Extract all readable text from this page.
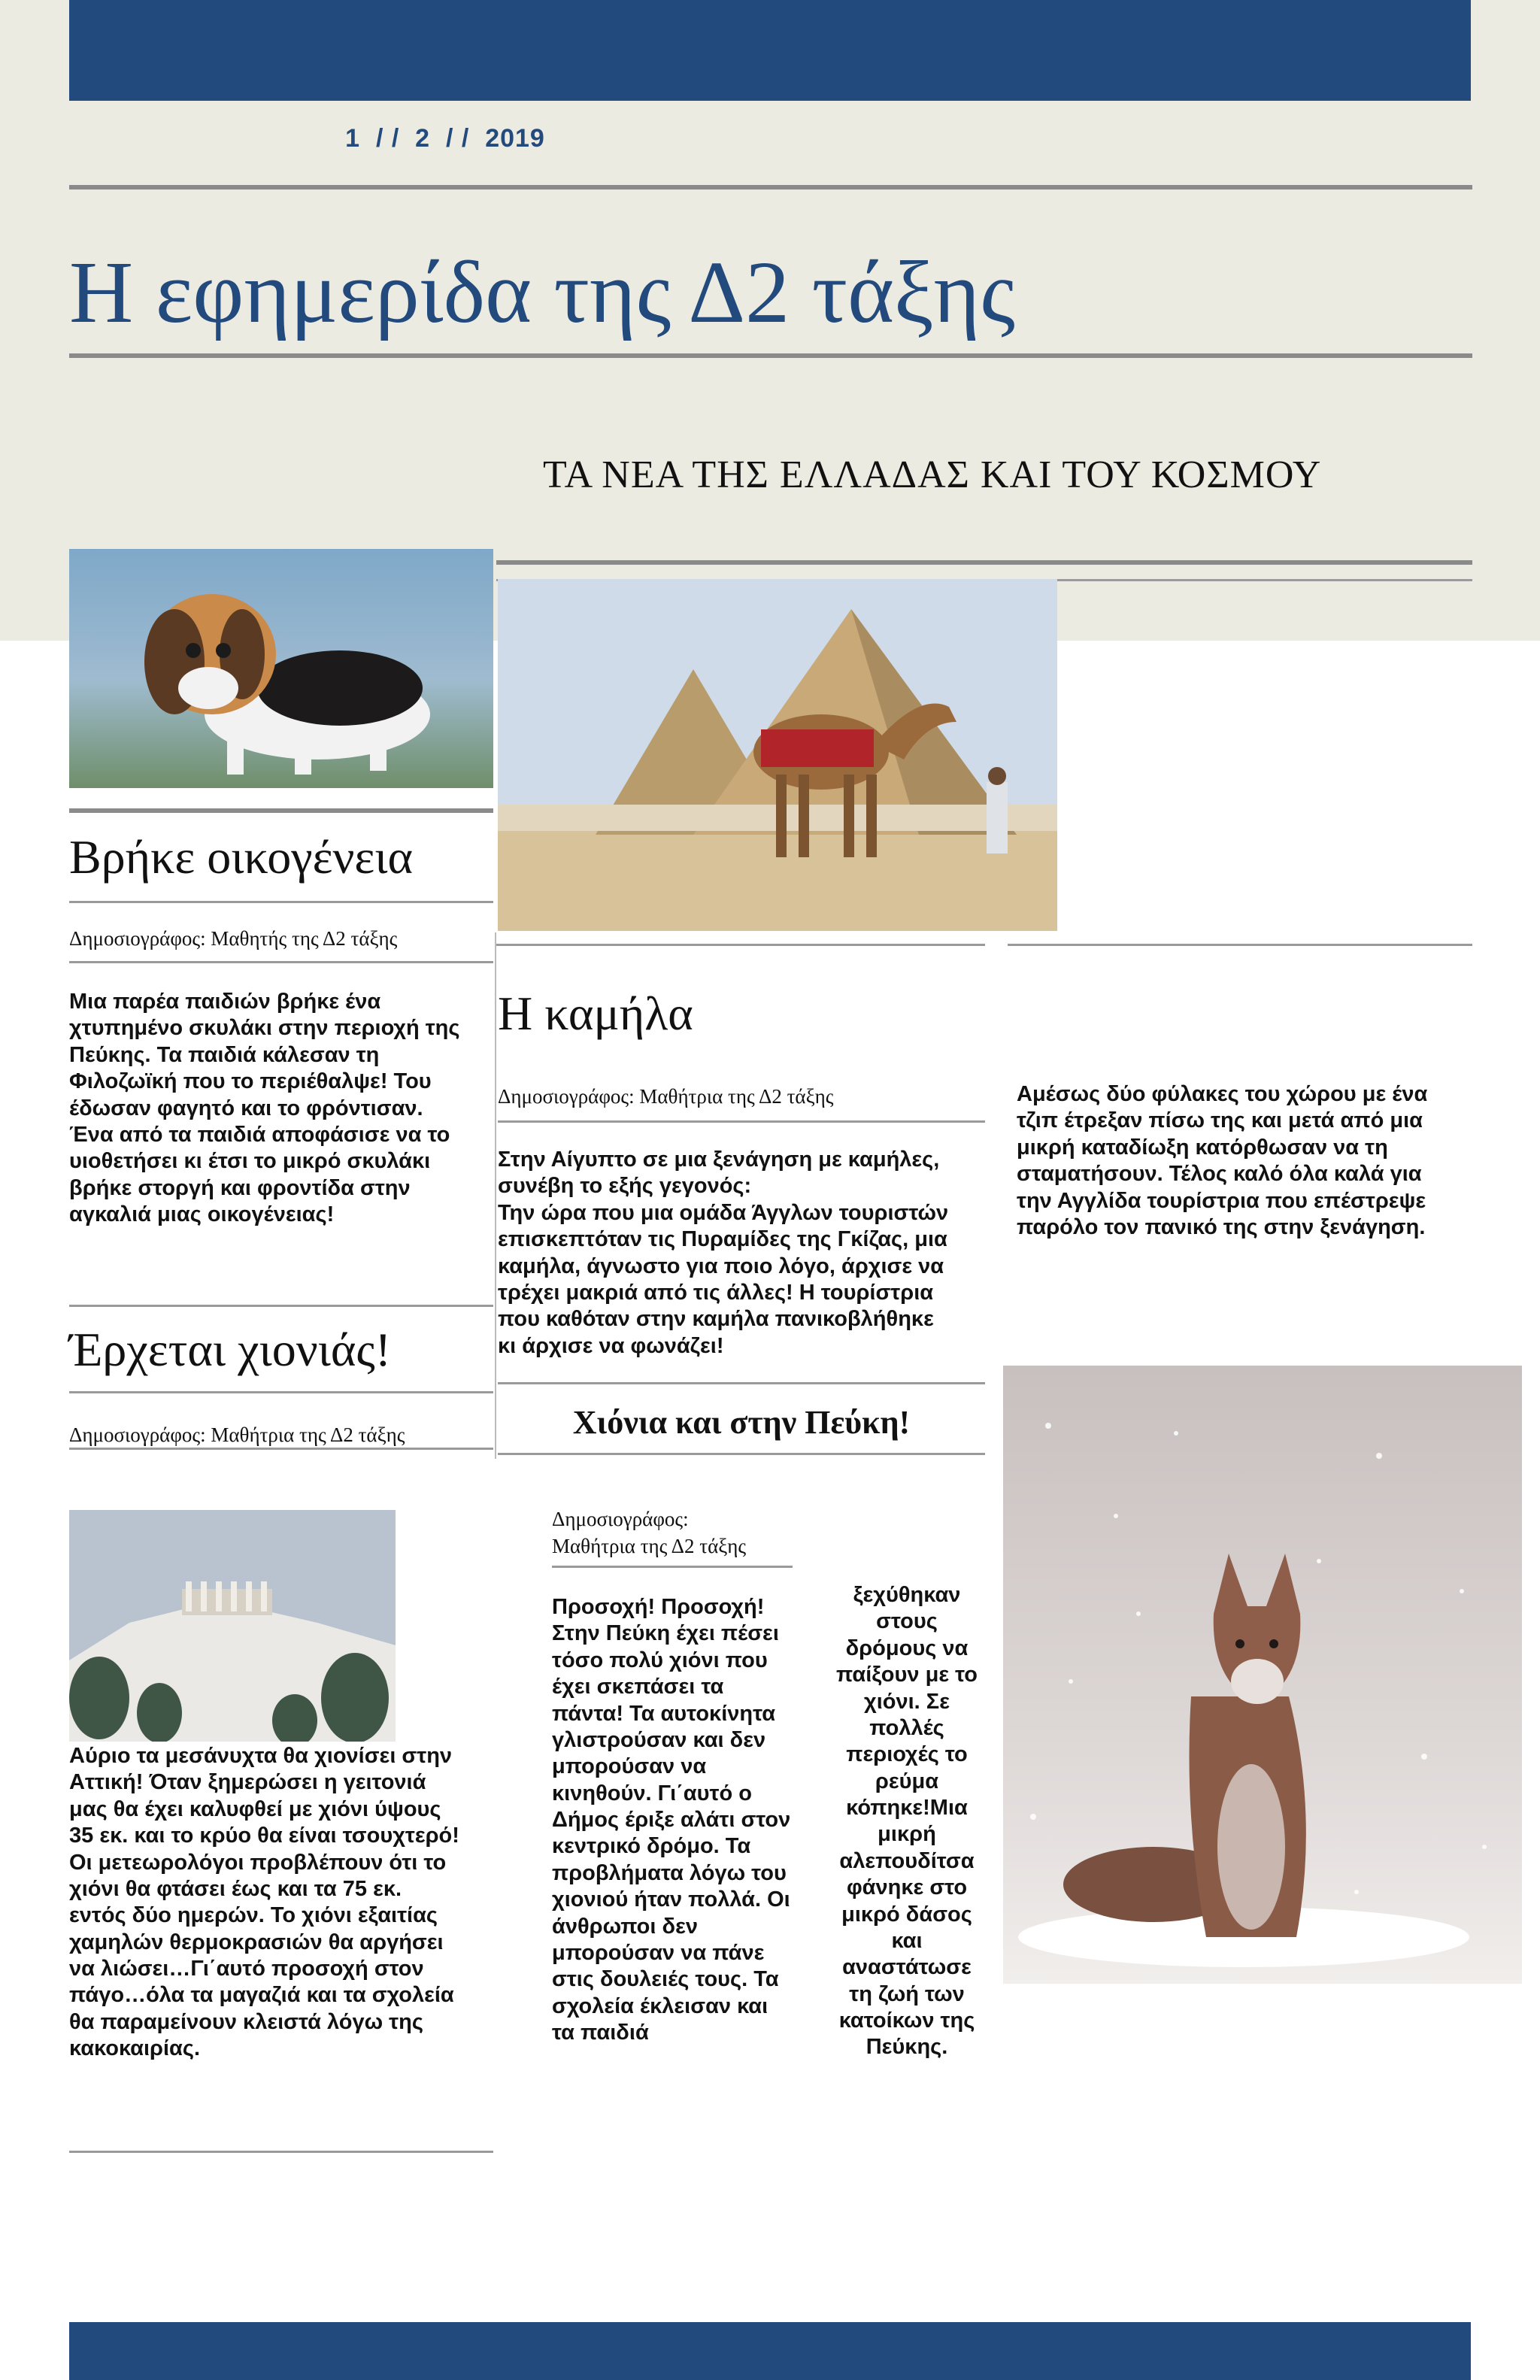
1  / /  2  / /  2019
Η εφημερίδα της Δ2 τάξης
ΤΑ ΝΕΑ ΤΗΣ ΕΛΛΑΔΑΣ ΚΑΙ ΤΟΥ ΚΟΣΜΟΥ
Βρήκε οικογένεια
Δημοσιογράφος: Μαθητής της Δ2 τάξης
Μια παρέα παιδιών βρήκε ένα
χτυπημένο σκυλάκι στην περιοχή της
Πεύκης. Τα παιδιά κάλεσαν τη
Φιλοζωϊκή που το περιέθαλψε! Του
έδωσαν φαγητό και το φρόντισαν.
Ένα από τα παιδιά αποφάσισε να το
υιοθετήσει κι έτσι το μικρό σκυλάκι
βρήκε στοργή και φροντίδα στην
αγκαλιά μιας οικογένειας!
Η καμήλα
Δημοσιογράφος: Μαθήτρια της Δ2 τάξης
Στην Αίγυπτο σε μια ξενάγηση με καμήλες,
συνέβη το εξής γεγονός:
Την ώρα που μια ομάδα Άγγλων τουριστών
επισκεπτόταν τις Πυραμίδες της Γκίζας, μια
καμήλα, άγνωστο για ποιο λόγο, άρχισε να
τρέχει μακριά από τις άλλες! Η τουρίστρια
που καθόταν στην καμήλα πανικοβλήθηκε
κι άρχισε να φωνάζει!
Αμέσως δύο φύλακες του χώρου με ένα
τζιπ έτρεξαν πίσω της και μετά από μια
μικρή καταδίωξη κατόρθωσαν να τη
σταματήσουν. Τέλος καλό όλα καλά για
την Αγγλίδα τουρίστρια που επέστρεψε
παρόλο τον πανικό της στην ξενάγηση.
Έρχεται χιονιάς!
Δημοσιογράφος: Μαθήτρια της Δ2 τάξης
Αύριο τα μεσάνυχτα θα χιονίσει στην
Αττική! Όταν ξημερώσει η γειτονιά
μας θα έχει καλυφθεί με χιόνι ύψους
35 εκ. και το κρύο θα είναι τσουχτερό!
Οι μετεωρολόγοι προβλέπουν ότι το
χιόνι θα φτάσει έως και τα 75 εκ.
εντός δύο ημερών. Το χιόνι εξαιτίας
χαμηλών θερμοκρασιών θα αργήσει
να λιώσει…Γι΄αυτό προσοχή στον
πάγο…όλα τα μαγαζιά και τα σχολεία
θα παραμείνουν κλειστά λόγω της
κακοκαιρίας.
Χιόνια και στην Πεύκη!
Δημοσιογράφος:
Μαθήτρια της Δ2 τάξης
Προσοχή! Προσοχή!
Στην Πεύκη έχει πέσει
τόσο πολύ χιόνι που
έχει σκεπάσει τα
πάντα! Τα αυτοκίνητα
γλιστρούσαν και δεν
μπορούσαν να
κινηθούν. Γι΄αυτό ο
Δήμος έριξε αλάτι στον
κεντρικό δρόμο. Τα
προβλήματα λόγω του
χιονιού ήταν πολλά. Οι
άνθρωποι δεν
μπορούσαν να πάνε
στις δουλειές τους. Τα
σχολεία έκλεισαν και
τα παιδιά
ξεχύθηκαν
στους
δρόμους να
παίξουν με το
χιόνι. Σε
πολλές
περιοχές το
ρεύμα
κόπηκε!Μια
μικρή
αλεπουδίτσα
φάνηκε στο
μικρό δάσος
και
αναστάτωσε
τη ζωή των
κατοίκων της
Πεύκης.
